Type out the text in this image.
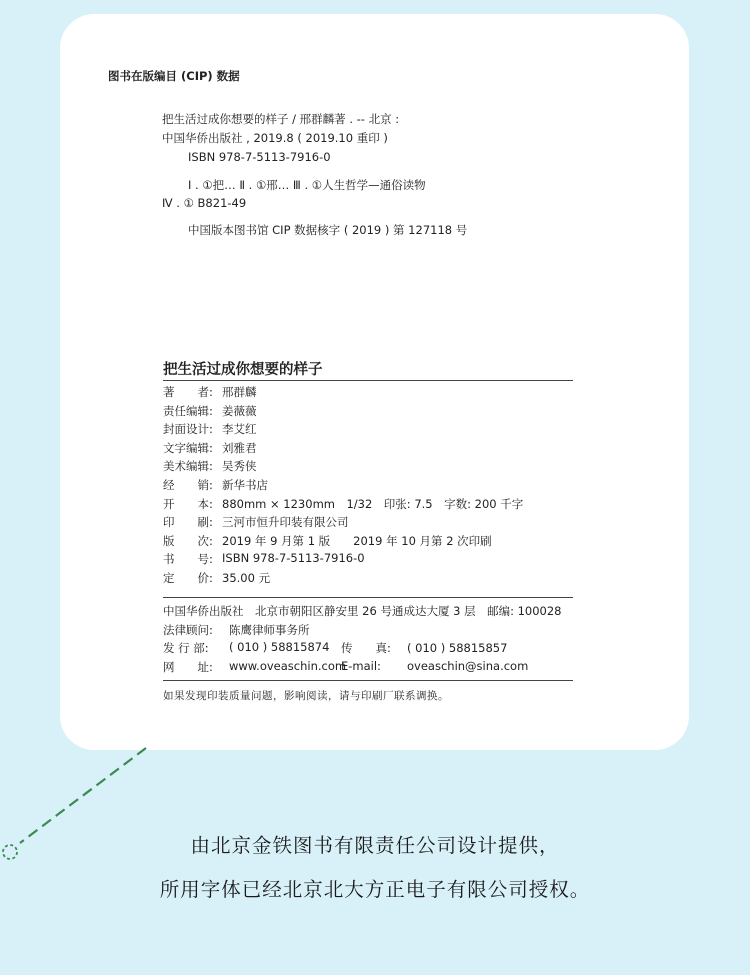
图书在版编目 (CIP) 数据
把生活过成你想要的样子 / 邢群麟著 . -- 北京 :
中国华侨出版社 , 2019.8 ( 2019.10 重印 )
ISBN 978-7-5113-7916-0
Ⅰ . ①把… Ⅱ . ①邢… Ⅲ . ①人生哲学—通俗读物
Ⅳ . ① B821-49
中国版本图书馆 CIP 数据核字 ( 2019 ) 第 127118 号
把生活过成你想要的样子
著　　者: 邢群麟
责任编辑: 姜薇薇
封面设计: 李艾红
文字编辑: 刘雅君
美术编辑: 吴秀侠
经　　销: 新华书店
开　　本: 880mm × 1230mm　1/32　印张: 7.5　字数: 200 千字
印　　刷: 三河市恒升印装有限公司
版　　次: 2019 年 9 月第 1 版　　2019 年 10 月第 2 次印刷
书　　号: ISBN 978-7-5113-7916-0
定　　价: 35.00 元
中国华侨出版社　北京市朝阳区静安里 26 号通成达大厦 3 层　邮编: 100028
法律顾问:	陈鹰律师事务所
发 行 部:	( 010 ) 58815874 传　　真: ( 010 ) 58815857
网　　址:	www.oveaschin.com
E-mail: oveaschin@sina.com
如果发现印装质量问题，影响阅读，请与印刷厂联系调换。
由北京金铁图书有限责任公司设计提供，
所用字体已经北京北大方正电子有限公司授权。
